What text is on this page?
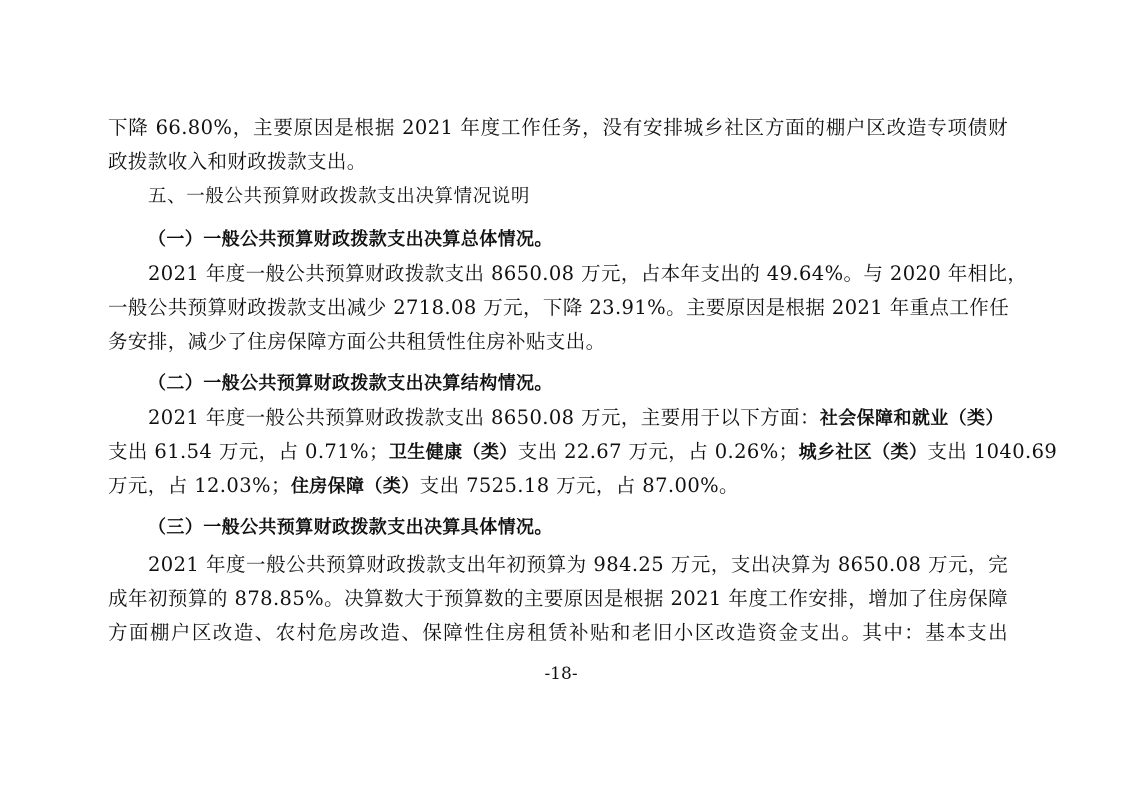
下降 66.80%，主要原因是根据 2021 年度工作任务，没有安排城乡社区方面的棚户区改造专项债财
政拨款收入和财政拨款支出。
五、一般公共预算财政拨款支出决算情况说明
（一）一般公共预算财政拨款支出决算总体情况。
2021 年度一般公共预算财政拨款支出 8650.08 万元，占本年支出的 49.64%。与 2020 年相比，
一般公共预算财政拨款支出减少 2718.08 万元，下降 23.91%。主要原因是根据 2021 年重点工作任
务安排，减少了住房保障方面公共租赁性住房补贴支出。
（二）一般公共预算财政拨款支出决算结构情况。
2021 年度一般公共预算财政拨款支出 8650.08 万元，主要用于以下方面：社会保障和就业（类）
支出 61.54 万元，占 0.71%；卫生健康（类）支出 22.67 万元，占 0.26%；城乡社区（类）支出 1040.69
万元，占 12.03%；住房保障（类）支出 7525.18 万元，占 87.00%。
（三）一般公共预算财政拨款支出决算具体情况。
2021 年度一般公共预算财政拨款支出年初预算为 984.25 万元，支出决算为 8650.08 万元，完
成年初预算的 878.85%。决算数大于预算数的主要原因是根据 2021 年度工作安排，增加了住房保障
方面棚户区改造、农村危房改造、保障性住房租赁补贴和老旧小区改造资金支出。其中：基本支出
-18-
